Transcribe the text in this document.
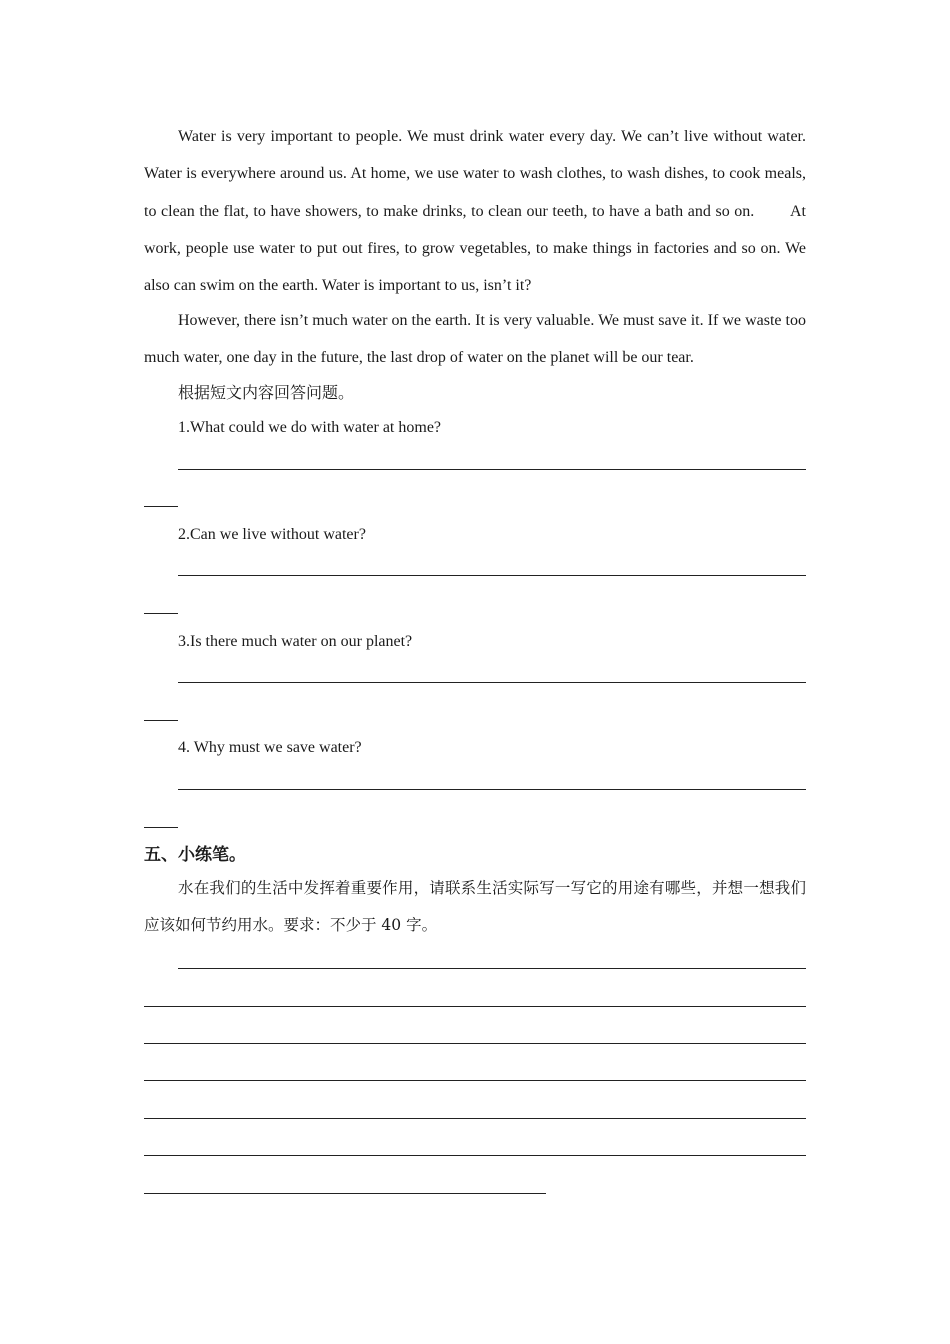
Water is very important to people. We must drink water every day. We can’t live without water. Water is everywhere around us. At home, we use water to wash clothes, to wash dishes, to cook meals, to clean the flat, to have showers, to make drinks, to clean our teeth, to have a bath and so on.   At work, people use water to put out fires, to grow vegetables, to make things in factories and so on. We also can swim on the earth. Water is important to us, isn’t it?

However, there isn’t much water on the earth. It is very valuable. We must save it. If we waste too much water, one day in the future, the last drop of water on the planet will be our tear.

根据短文内容回答问题。

1.What could we do with water at home?

2.Can we live without water?

3.Is there much water on our planet?

4. Why must we save water?

五、小练笔。

水在我们的生活中发挥着重要作用，请联系生活实际写一写它的用途有哪些，并想一想我们应该如何节约用水。要求：不少于 40 字。
